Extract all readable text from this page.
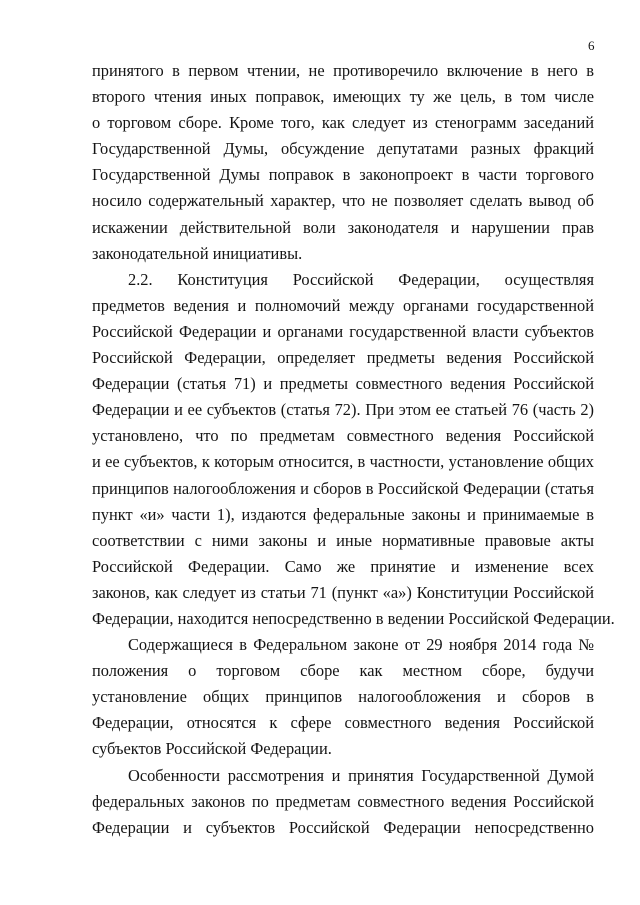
6

принятого в первом чтении, не противоречило включение в него в
второго чтения иных поправок, имеющих ту же цель, в том числе
о торговом сборе. Кроме того, как следует из стенограмм заседаний
Государственной Думы, обсуждение депутатами разных фракций
Государственной Думы поправок в законопроект в части торгового
носило содержательный характер, что не позволяет сделать вывод об
искажении действительной воли законодателя и нарушении прав
законодательной инициативы.

2.2. Конституция Российской Федерации, осуществляя
предметов ведения и полномочий между органами государственной
Российской Федерации и органами государственной власти субъектов
Российской Федерации, определяет предметы ведения Российской
Федерации (статья 71) и предметы совместного ведения Российской
Федерации и ее субъектов (статья 72). При этом ее статьей 76 (часть 2)
установлено, что по предметам совместного ведения Российской
и ее субъектов, к которым относится, в частности, установление общих
принципов налогообложения и сборов в Российской Федерации (статья
пункт «и» части 1), издаются федеральные законы и принимаемые в
соответствии с ними законы и иные нормативные правовые акты
Российской Федерации. Само же принятие и изменение всех
законов, как следует из статьи 71 (пункт «а») Конституции Российской
Федерации, находится непосредственно в ведении Российской Федерации.

Содержащиеся в Федеральном законе от 29 ноября 2014 года №
положения о торговом сборе как местном сборе, будучи
установление общих принципов налогообложения и сборов в
Федерации, относятся к сфере совместного ведения Российской
субъектов Российской Федерации.

Особенности рассмотрения и принятия Государственной Думой
федеральных законов по предметам совместного ведения Российской
Федерации и субъектов Российской Федерации непосредственно
